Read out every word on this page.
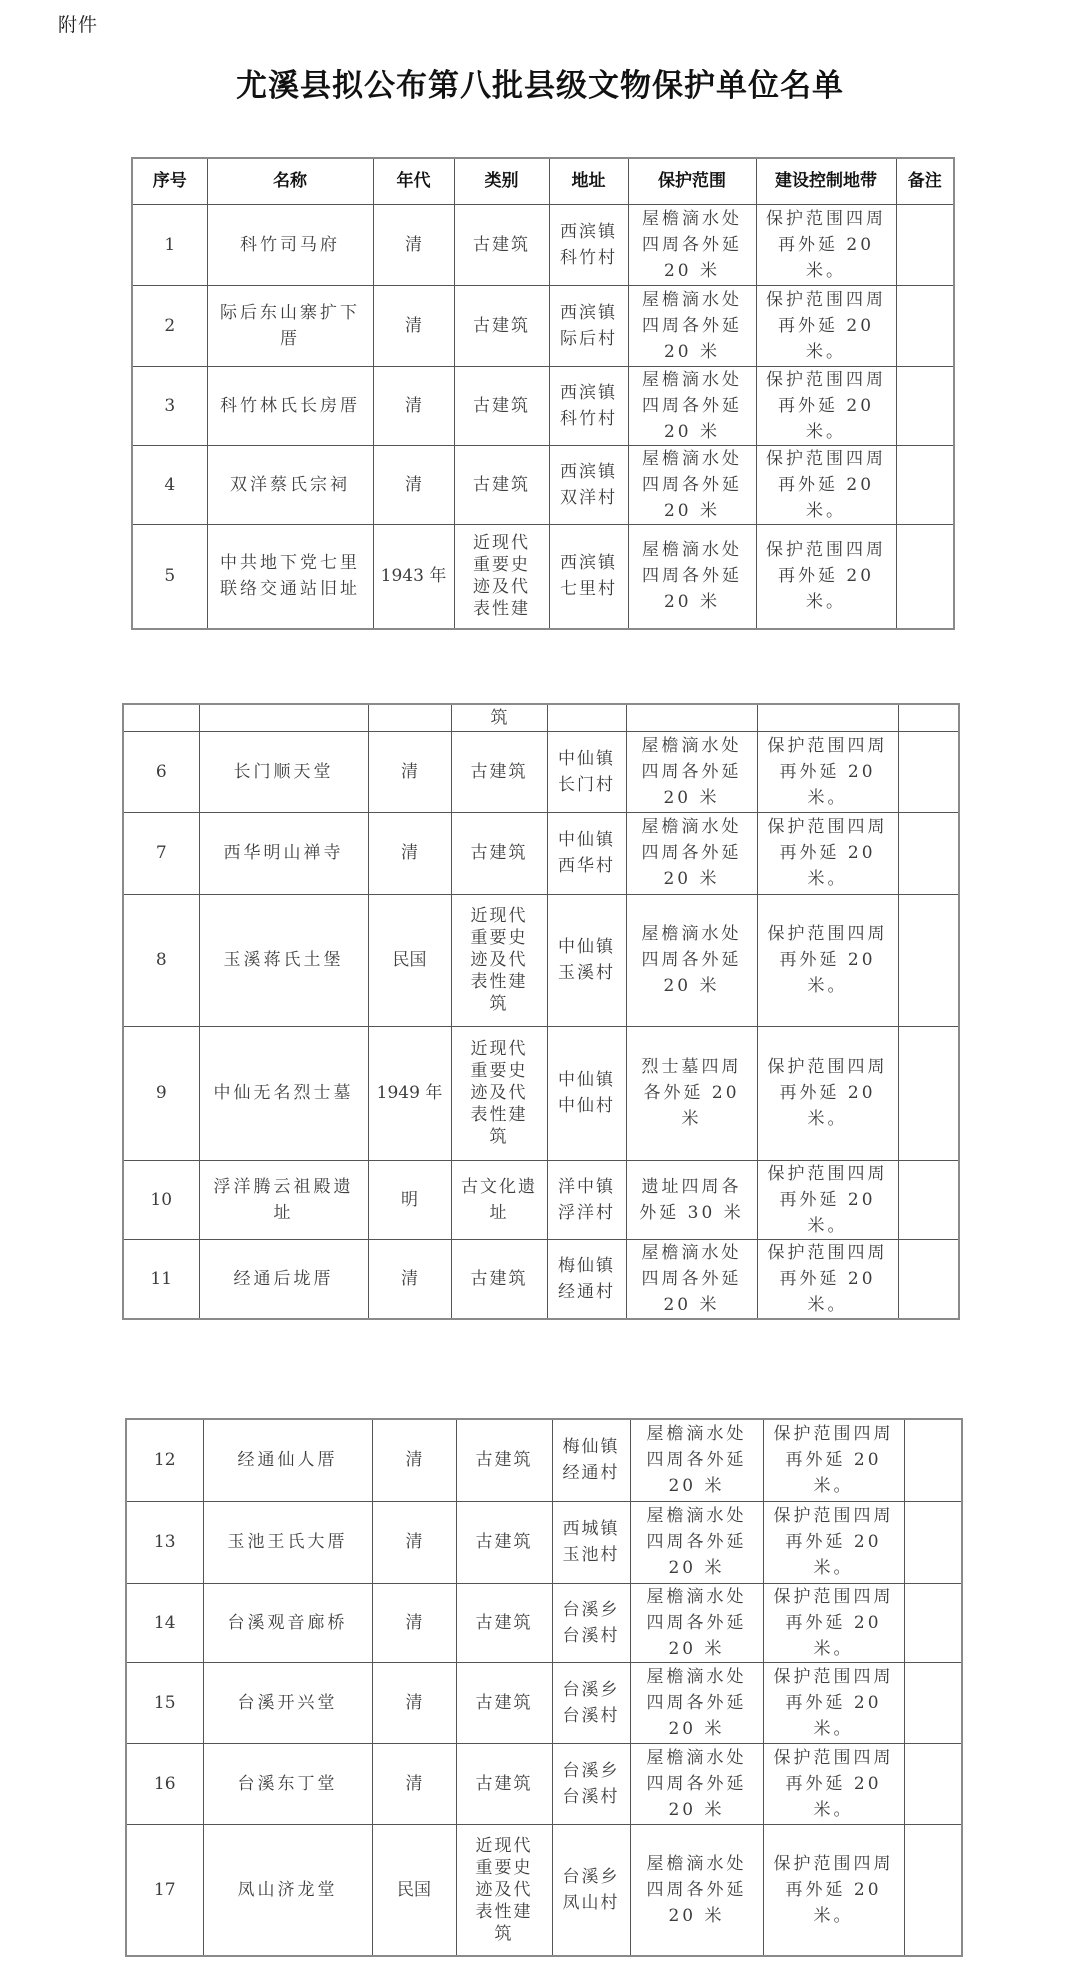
附件
尤溪县拟公布第八批县级文物保护单位名单
序号	名称	年代	类别	地址	保护范围	建设控制地带	备注

1	科竹司马府	清	古建筑	西滨镇
科竹村	屋檐滴水处
四周各外延
20 米	保护范围四周
再外延 20 米。	

2	际后东山寨扩下
厝	清	古建筑	西滨镇
际后村	屋檐滴水处
四周各外延
20 米	保护范围四周
再外延 20 米。	

3	科竹林氏长房厝	清	古建筑	西滨镇
科竹村	屋檐滴水处
四周各外延
20 米	保护范围四周
再外延 20 米。	

4	双洋蔡氏宗祠	清	古建筑	西滨镇
双洋村	屋檐滴水处
四周各外延
20 米	保护范围四周
再外延 20 米。	

5	中共地下党七里
联络交通站旧址	1943 年	近现代
重要史
迹及代
表性建	西滨镇
七里村	屋檐滴水处
四周各外延
20 米	保护范围四周
再外延 20 米。	

			筑				

6	长门顺天堂	清	古建筑	中仙镇
长门村	屋檐滴水处
四周各外延
20 米	保护范围四周
再外延 20 米。	

7	西华明山禅寺	清	古建筑	中仙镇
西华村	屋檐滴水处
四周各外延
20 米	保护范围四周
再外延 20 米。	

8	玉溪蒋氏土堡	民国	近现代
重要史
迹及代
表性建
筑	中仙镇
玉溪村	屋檐滴水处
四周各外延
20 米	保护范围四周
再外延 20 米。	

9	中仙无名烈士墓	1949 年	近现代
重要史
迹及代
表性建
筑	中仙镇
中仙村	烈士墓四周
各外延 20 米	保护范围四周
再外延 20 米。	

10	浮洋腾云祖殿遗
址	明	古文化遗址	洋中镇
浮洋村	遗址四周各
外延 30 米	保护范围四周
再外延 20 米。	

11	经通后垅厝	清	古建筑	梅仙镇
经通村	屋檐滴水处
四周各外延
20 米	保护范围四周
再外延 20 米。	

12	经通仙人厝	清	古建筑	梅仙镇
经通村	屋檐滴水处
四周各外延
20 米	保护范围四周
再外延 20 米。	

13	玉池王氏大厝	清	古建筑	西城镇
玉池村	屋檐滴水处
四周各外延
20 米	保护范围四周
再外延 20 米。	

14	台溪观音廊桥	清	古建筑	台溪乡
台溪村	屋檐滴水处
四周各外延
20 米	保护范围四周
再外延 20 米。	

15	台溪开兴堂	清	古建筑	台溪乡
台溪村	屋檐滴水处
四周各外延
20 米	保护范围四周
再外延 20 米。	

16	台溪东丁堂	清	古建筑	台溪乡
台溪村	屋檐滴水处
四周各外延
20 米	保护范围四周
再外延 20 米。	

17	凤山济龙堂	民国	近现代
重要史
迹及代
表性建
筑	台溪乡
凤山村	屋檐滴水处
四周各外延
20 米	保护范围四周
再外延 20 米。	
